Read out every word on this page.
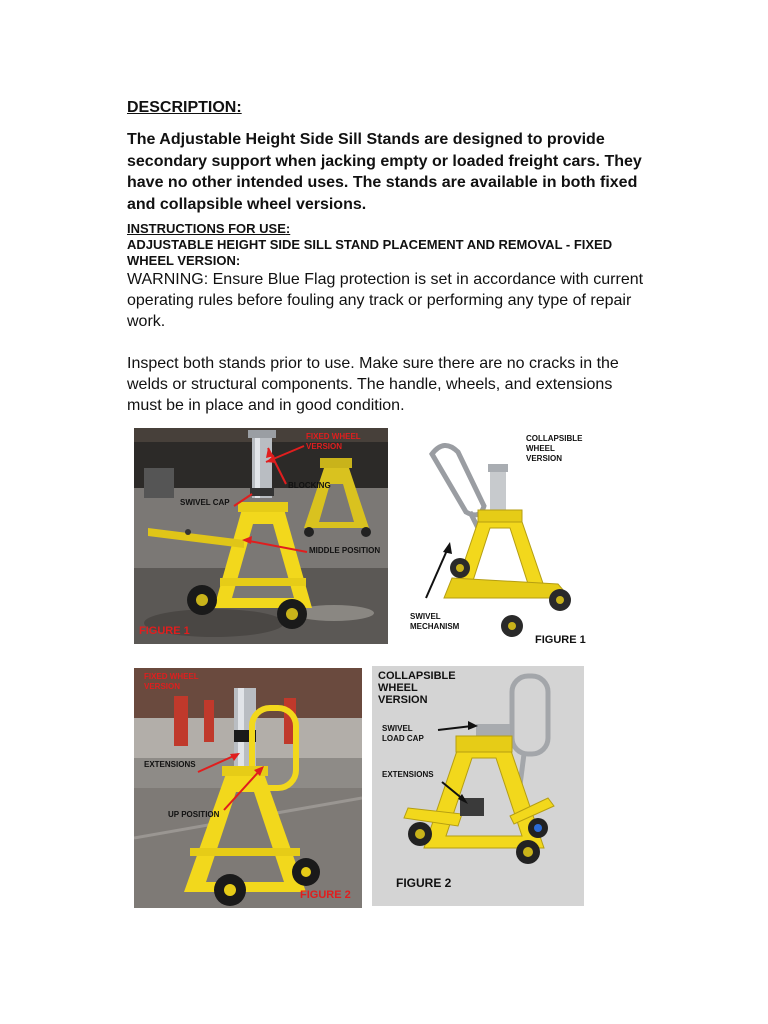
DESCRIPTION:

The Adjustable Height Side Sill Stands are designed to provide secondary support when jacking empty or loaded freight cars. They have no other intended uses. The stands are available in both fixed and collapsible wheel versions.

INSTRUCTIONS FOR USE:

ADJUSTABLE HEIGHT SIDE SILL STAND PLACEMENT AND REMOVAL - FIXED WHEEL VERSION:

WARNING: Ensure Blue Flag protection is set in accordance with current operating rules before fouling any track or performing any type of repair work.

Inspect both stands prior to use. Make sure there are no cracks in the welds or structural components. The handle, wheels, and extensions must be in place and in good condition.

FIXED WHEEL
VERSION
BLOCKING
SWIVEL CAP
MIDDLE POSITION
FIGURE 1
COLLAPSIBLE
WHEEL
VERSION
SWIVEL
MECHANISM
FIGURE 1
FIXED WHEEL
VERSION
EXTENSIONS
UP POSITION
FIGURE 2
COLLAPSIBLE
WHEEL
VERSION
SWIVEL
LOAD CAP
EXTENSIONS
FIGURE 2
